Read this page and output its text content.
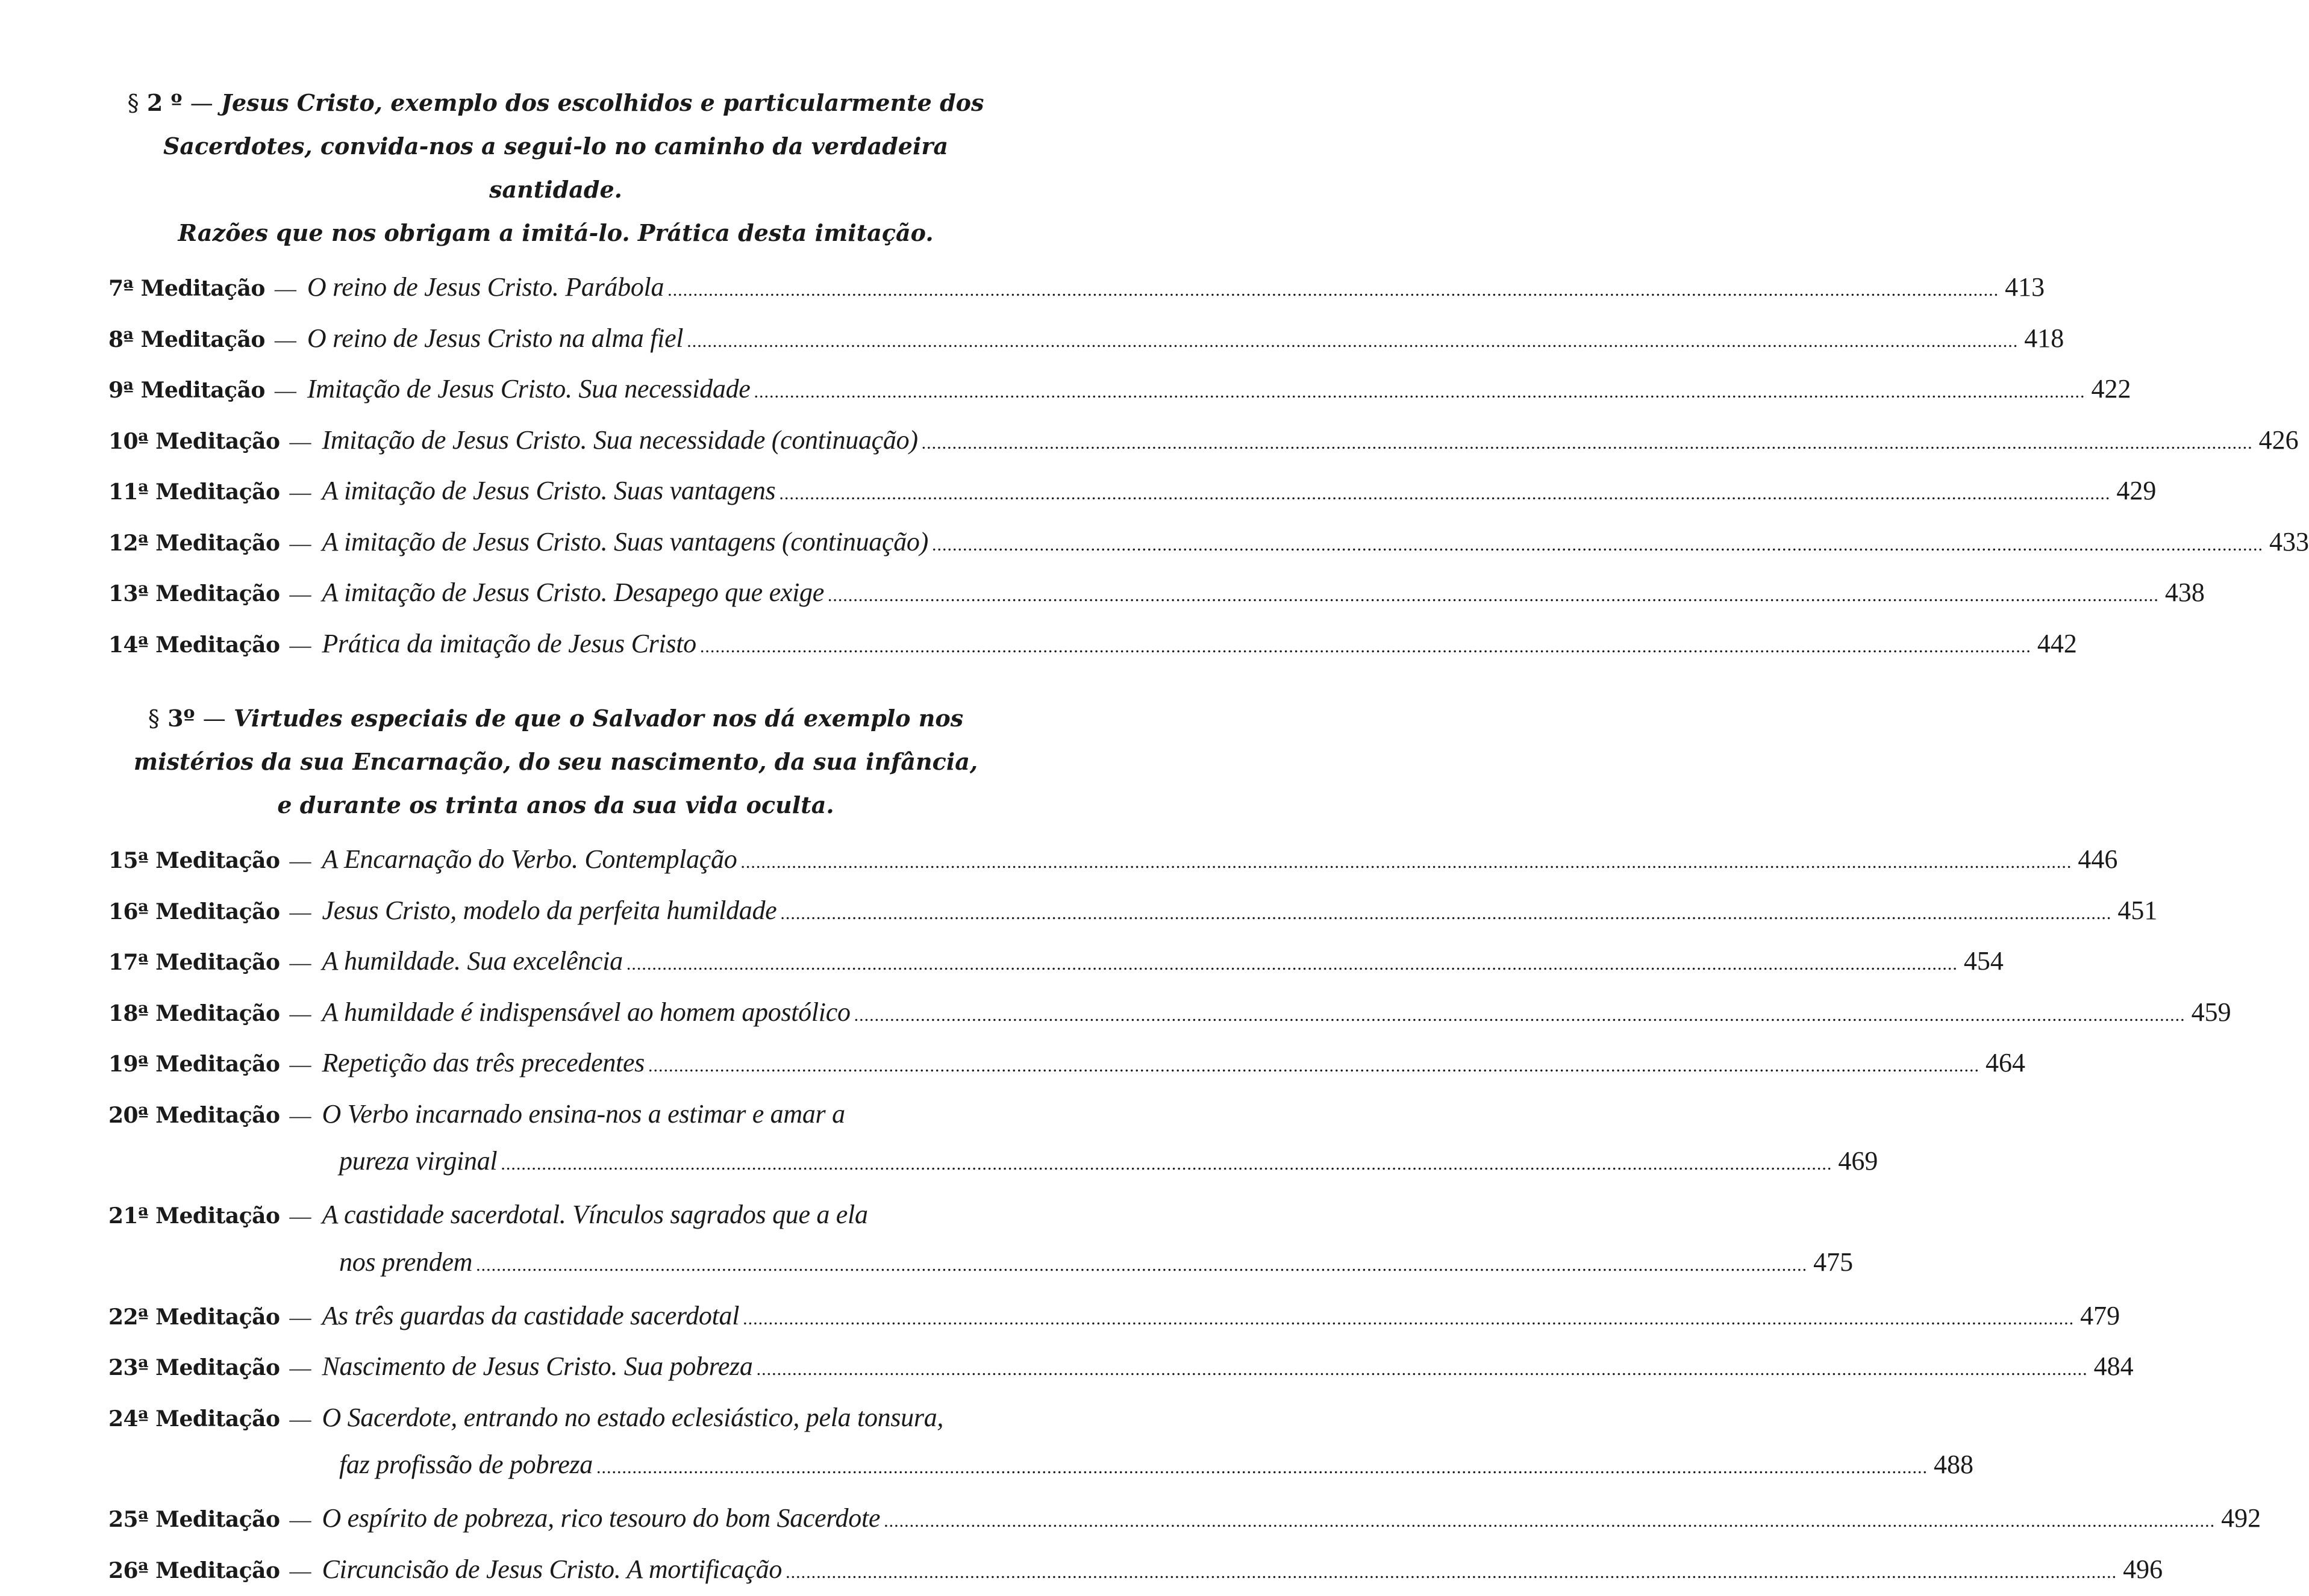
§ 2 º — Jesus Cristo, exemplo dos escolhidos e particularmente dos
Sacerdotes, convida-nos a segui-lo no caminho da verdadeira santidade.
Razões que nos obrigam a imitá-lo. Prática desta imitação.
7ª Meditação — O reino de Jesus Cristo. Parábola .....	413
8ª Meditação — O reino de Jesus Cristo na alma fiel .....	418
9ª Meditação — Imitação de Jesus Cristo. Sua necessidade .....	422
10ª Meditação — Imitação de Jesus Cristo. Sua necessidade (continuação) .....	426
11ª Meditação — A imitação de Jesus Cristo. Suas vantagens .....	429
12ª Meditação — A imitação de Jesus Cristo. Suas vantagens (continuação) .....	433
13ª Meditação — A imitação de Jesus Cristo. Desapego que exige .....	438
14ª Meditação — Prática da imitação de Jesus Cristo .....	442
§ 3º — Virtudes especiais de que o Salvador nos dá exemplo nos
mistérios da sua Encarnação, do seu nascimento, da sua infância,
e durante os trinta anos da sua vida oculta.
15ª Meditação — A Encarnação do Verbo. Contemplação .....	446
16ª Meditação — Jesus Cristo, modelo da perfeita humildade .....	451
17ª Meditação — A humildade. Sua excelência .....	454
18ª Meditação — A humildade é indispensável ao homem apostólico .....	459
19ª Meditação — Repetição das três precedentes .....	464
20ª Meditação — O Verbo incarnado ensina-nos a estimar e amar a
pureza virginal .....	469
21ª Meditação — A castidade sacerdotal. Vínculos sagrados que a ela
nos prendem .....	475
22ª Meditação — As três guardas da castidade sacerdotal .....	479
23ª Meditação — Nascimento de Jesus Cristo. Sua pobreza .....	484
24ª Meditação — O Sacerdote, entrando no estado eclesiástico, pela tonsura,
faz profissão de pobreza .....	488
25ª Meditação — O espírito de pobreza, rico tesouro do bom Sacerdote .....	492
26ª Meditação — Circuncisão de Jesus Cristo. A mortificação .....	496
